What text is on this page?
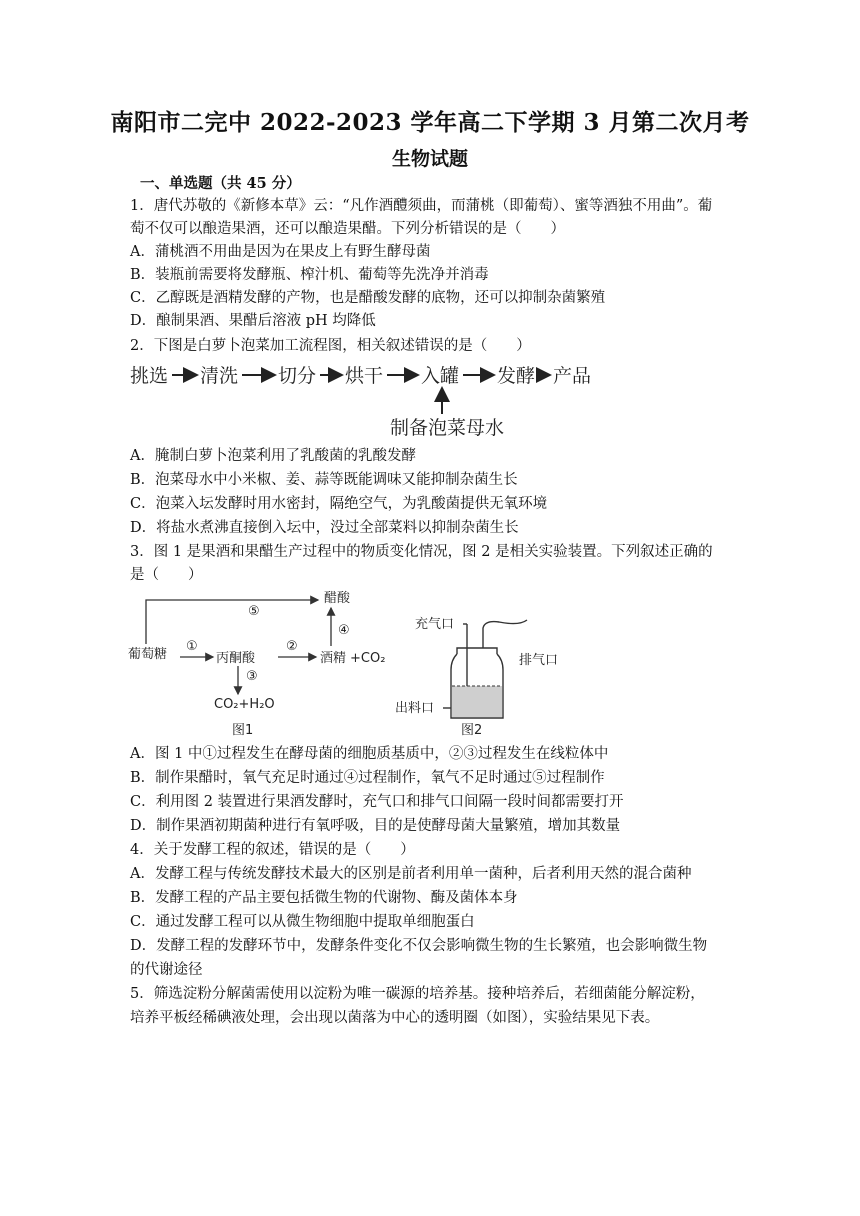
南阳市二完中 2022-2023 学年高二下学期 3 月第二次月考
生物试题
一、单选题（共 45 分）
1．唐代苏敬的《新修本草》云：“凡作酒醴须曲，而蒲桃（即葡萄）、蜜等酒独不用曲”。葡
萄不仅可以酿造果酒，还可以酿造果醋。下列分析错误的是（　　）
A．蒲桃酒不用曲是因为在果皮上有野生酵母菌
B．装瓶前需要将发酵瓶、榨汁机、葡萄等先洗净并消毒
C．乙醇既是酒精发酵的产物，也是醋酸发酵的底物，还可以抑制杂菌繁殖
D．酿制果酒、果醋后溶液 pH 均降低
2．下图是白萝卜泡菜加工流程图，相关叙述错误的是（　　）
挑选 清洗 切分 烘干 入罐 发酵 产品
制备泡菜母水
A．腌制白萝卜泡菜利用了乳酸菌的乳酸发酵
B．泡菜母水中小米椒、姜、蒜等既能调味又能抑制杂菌生长
C．泡菜入坛发酵时用水密封，隔绝空气，为乳酸菌提供无氧环境
D．将盐水煮沸直接倒入坛中，没过全部菜料以抑制杂菌生长
3．图 1 是果酒和果醋生产过程中的物质变化情况，图 2 是相关实验装置。下列叙述正确的
是（　　）
醋酸
⑤
葡萄糖
①
丙酮酸
②
酒精 +CO₂
④
③
CO₂+H₂O
图1
充气口
排气口
出料口
图2
A．图 1 中①过程发生在酵母菌的细胞质基质中，②③过程发生在线粒体中
B．制作果醋时，氧气充足时通过④过程制作，氧气不足时通过⑤过程制作
C．利用图 2 装置进行果酒发酵时，充气口和排气口间隔一段时间都需要打开
D．制作果酒初期菌种进行有氧呼吸，目的是使酵母菌大量繁殖，增加其数量
4．关于发酵工程的叙述，错误的是（　　）
A．发酵工程与传统发酵技术最大的区别是前者利用单一菌种，后者利用天然的混合菌种
B．发酵工程的产品主要包括微生物的代谢物、酶及菌体本身
C．通过发酵工程可以从微生物细胞中提取单细胞蛋白
D．发酵工程的发酵环节中，发酵条件变化不仅会影响微生物的生长繁殖，也会影响微生物
的代谢途径
5．筛选淀粉分解菌需使用以淀粉为唯一碳源的培养基。接种培养后，若细菌能分解淀粉，
培养平板经稀碘液处理，会出现以菌落为中心的透明圈（如图），实验结果见下表。
